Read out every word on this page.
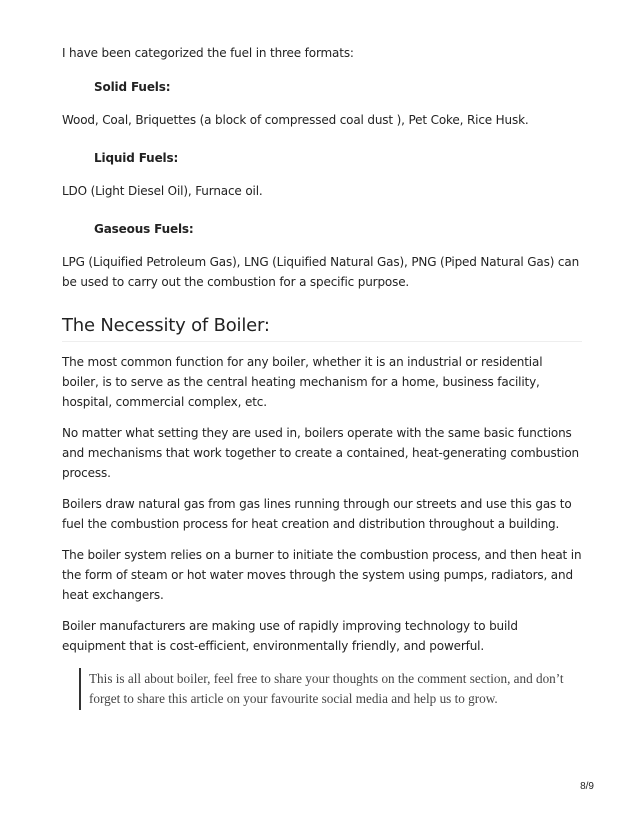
I have been categorized the fuel in three formats:

Solid Fuels:

Wood, Coal, Briquettes (a block of compressed coal dust ), Pet Coke, Rice Husk.

Liquid Fuels:

LDO (Light Diesel Oil), Furnace oil.

Gaseous Fuels:

LPG (Liquified Petroleum Gas), LNG (Liquified Natural Gas), PNG (Piped Natural Gas) can be used to carry out the combustion for a specific purpose.

The Necessity of Boiler:

The most common function for any boiler, whether it is an industrial or residential boiler, is to serve as the central heating mechanism for a home, business facility, hospital, commercial complex, etc.

No matter what setting they are used in, boilers operate with the same basic functions and mechanisms that work together to create a contained, heat-generating combustion process.

Boilers draw natural gas from gas lines running through our streets and use this gas to fuel the combustion process for heat creation and distribution throughout a building.

The boiler system relies on a burner to initiate the combustion process, and then heat in the form of steam or hot water moves through the system using pumps, radiators, and heat exchangers.

Boiler manufacturers are making use of rapidly improving technology to build equipment that is cost-efficient, environmentally friendly, and powerful.

This is all about boiler, feel free to share your thoughts on the comment section, and don’t forget to share this article on your favourite social media and help us to grow.
8/9
